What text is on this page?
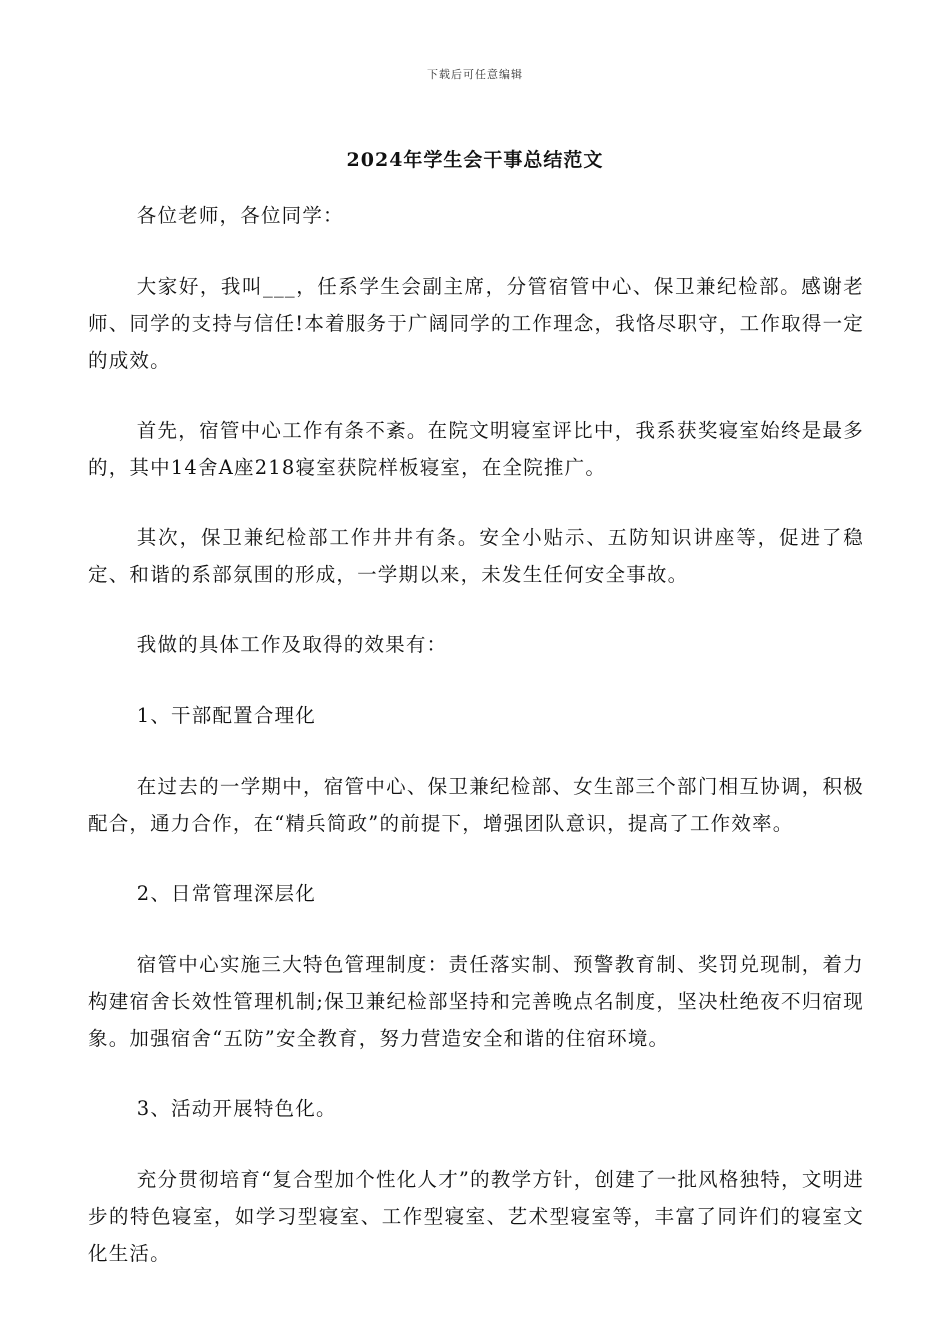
下载后可任意编辑
2024年学生会干事总结范文

各位老师，各位同学：

大家好，我叫___，任系学生会副主席，分管宿管中心、保卫兼纪检部。感谢老师、同学的支持与信任!本着服务于广阔同学的工作理念，我恪尽职守，工作取得一定的成效。

首先，宿管中心工作有条不紊。在院文明寝室评比中，我系获奖寝室始终是最多的，其中14舍A座218寝室获院样板寝室，在全院推广。

其次，保卫兼纪检部工作井井有条。安全小贴示、五防知识讲座等，促进了稳定、和谐的系部氛围的形成，一学期以来，未发生任何安全事故。

我做的具体工作及取得的效果有：

1、干部配置合理化

在过去的一学期中，宿管中心、保卫兼纪检部、女生部三个部门相互协调，积极配合，通力合作，在“精兵简政”的前提下，增强团队意识，提高了工作效率。

2、日常管理深层化

宿管中心实施三大特色管理制度：责任落实制、预警教育制、奖罚兑现制，着力构建宿舍长效性管理机制;保卫兼纪检部坚持和完善晚点名制度，坚决杜绝夜不归宿现象。加强宿舍“五防”安全教育，努力营造安全和谐的住宿环境。

3、活动开展特色化。

充分贯彻培育“复合型加个性化人才”的教学方针，创建了一批风格独特，文明进步的特色寝室，如学习型寝室、工作型寝室、艺术型寝室等，丰富了同许们的寝室文化生活。
